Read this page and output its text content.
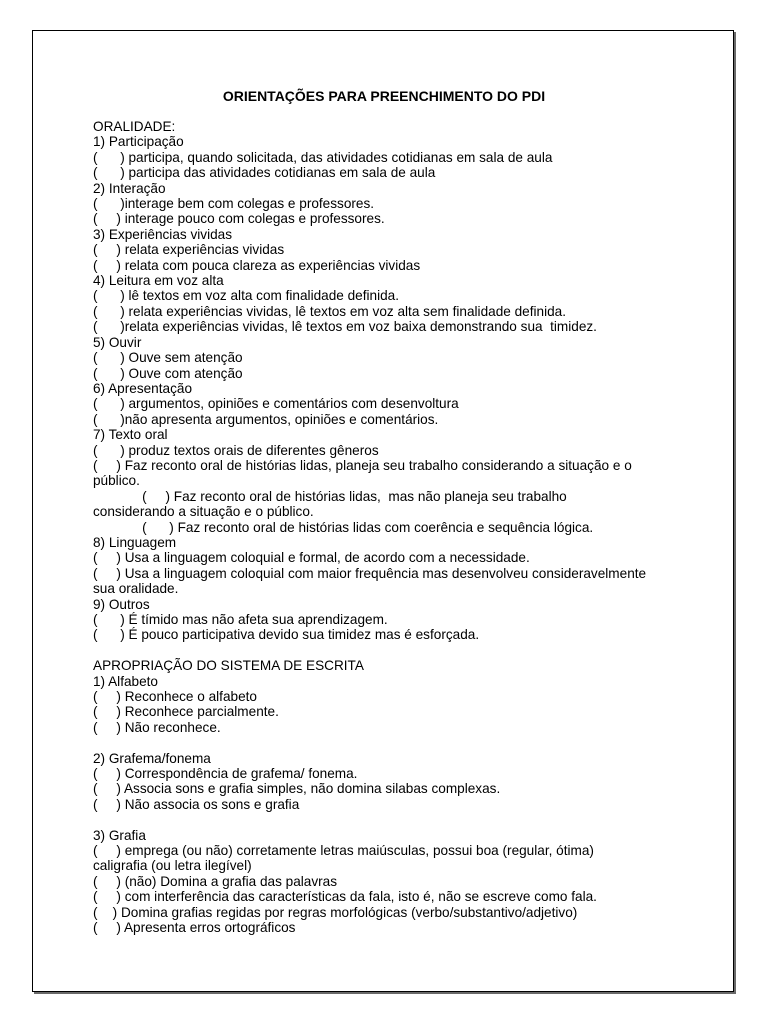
ORIENTAÇÕES PARA PREENCHIMENTO DO PDI
ORALIDADE:
1) Participação
(      ) participa, quando solicitada, das atividades cotidianas em sala de aula
(      ) participa das atividades cotidianas em sala de aula
2) Interação
(      )interage bem com colegas e professores.
(     ) interage pouco com colegas e professores.
3) Experiências vividas
(     ) relata experiências vividas
(     ) relata com pouca clareza as experiências vividas
4) Leitura em voz alta
(      ) lê textos em voz alta com finalidade definida.
(      ) relata experiências vividas, lê textos em voz alta sem finalidade definida.
(      )relata experiências vividas, lê textos em voz baixa demonstrando sua  timidez.
5) Ouvir
(      ) Ouve sem atenção
(      ) Ouve com atenção
6) Apresentação
(      ) argumentos, opiniões e comentários com desenvoltura
(      )não apresenta argumentos, opiniões e comentários.
7) Texto oral
(      ) produz textos orais de diferentes gêneros
(     ) Faz reconto oral de histórias lidas, planeja seu trabalho considerando a situação e o
público.
(     ) Faz reconto oral de histórias lidas,  mas não planeja seu trabalho
considerando a situação e o público.
(      ) Faz reconto oral de histórias lidas com coerência e sequência lógica.
8) Linguagem
(     ) Usa a linguagem coloquial e formal, de acordo com a necessidade.
(     ) Usa a linguagem coloquial com maior frequência mas desenvolveu consideravelmente
sua oralidade.
9) Outros
(      ) É tímido mas não afeta sua aprendizagem.
(      ) É pouco participativa devido sua timidez mas é esforçada.
APROPRIAÇÃO DO SISTEMA DE ESCRITA
1) Alfabeto
(     ) Reconhece o alfabeto
(     ) Reconhece parcialmente.
(     ) Não reconhece.
2) Grafema/fonema
(     ) Correspondência de grafema/ fonema.
(     ) Associa sons e grafia simples, não domina silabas complexas.
(     ) Não associa os sons e grafia
3) Grafia
(     ) emprega (ou não) corretamente letras maiúsculas, possui boa (regular, ótima)
caligrafia (ou letra ilegível)
(     ) (não) Domina a grafia das palavras
(     ) com interferência das características da fala, isto é, não se escreve como fala.
(    ) Domina grafias regidas por regras morfológicas (verbo/substantivo/adjetivo)
(     ) Apresenta erros ortográficos
